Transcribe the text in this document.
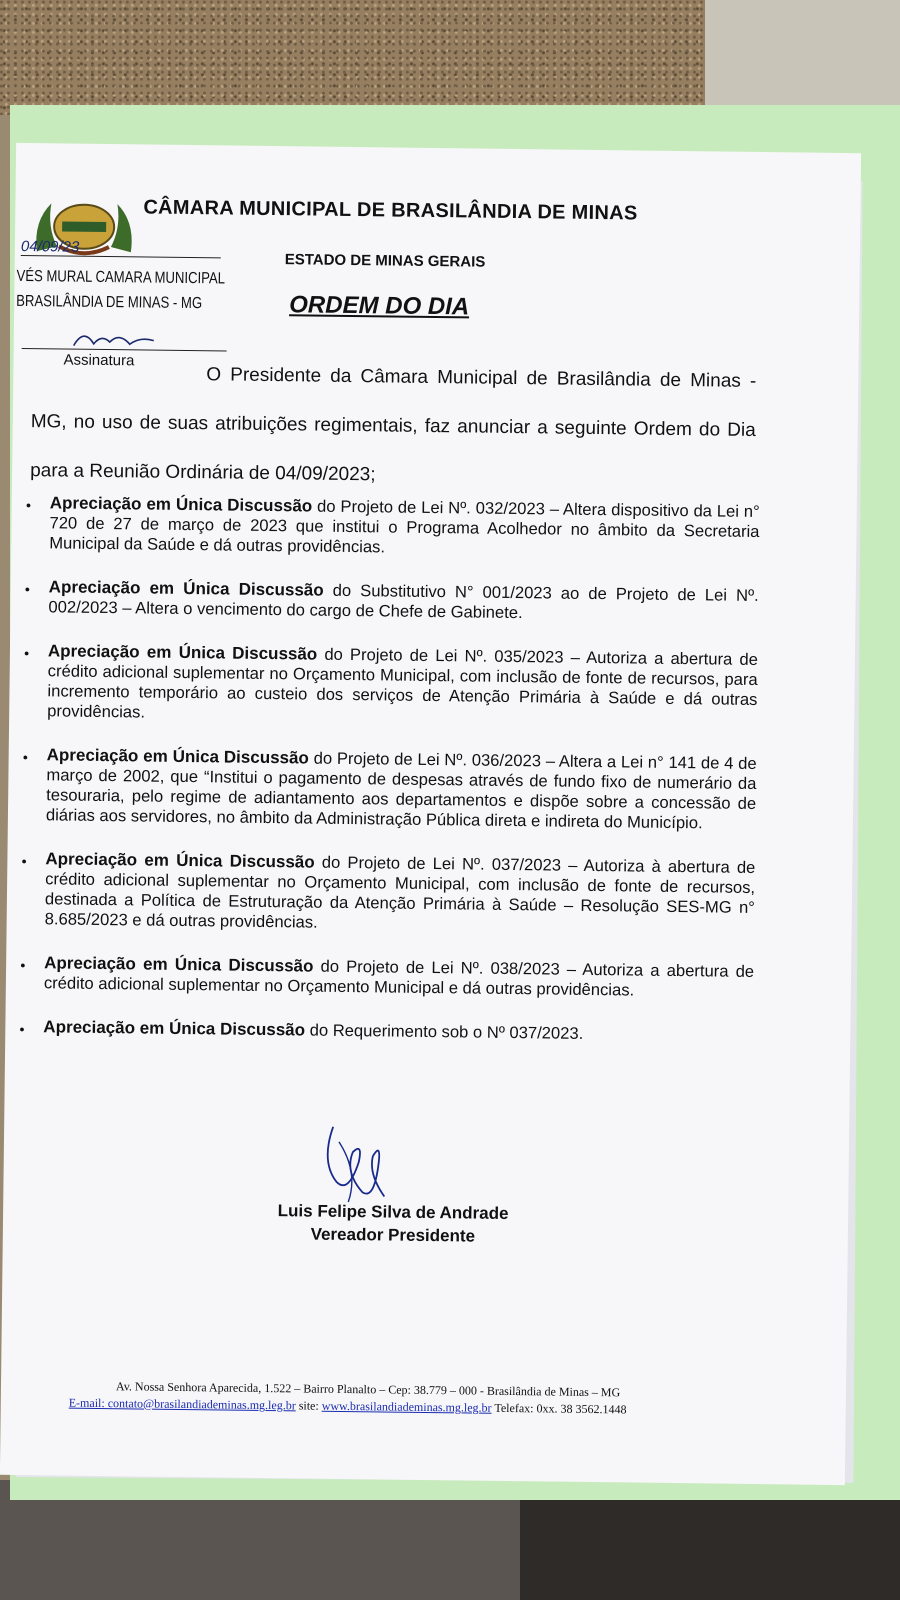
CÂMARA MUNICIPAL DE BRASILÂNDIA DE MINAS
ESTADO DE MINAS GERAIS
ORDEM DO DIA
04/09/23
VÉS MURAL CAMARA MUNICIPAL
BRASILÂNDIA DE MINAS - MG
Assinatura

O Presidente da Câmara Municipal de Brasilândia de Minas - MG, no uso de suas atribuições regimentais, faz anunciar a seguinte Ordem do Dia para a Reunião Ordinária de 04/09/2023;

● Apreciação em Única Discussão do Projeto de Lei Nº. 032/2023 – Altera dispositivo da Lei n° 720 de 27 de março de 2023 que institui o Programa Acolhedor no âmbito da Secretaria Municipal da Saúde e dá outras providências.
● Apreciação em Única Discussão do Substitutivo N° 001/2023 ao de Projeto de Lei Nº. 002/2023 – Altera o vencimento do cargo de Chefe de Gabinete.
● Apreciação em Única Discussão do Projeto de Lei Nº. 035/2023 – Autoriza a abertura de crédito adicional suplementar no Orçamento Municipal, com inclusão de fonte de recursos, para incremento temporário ao custeio dos serviços de Atenção Primária à Saúde e dá outras providências.
● Apreciação em Única Discussão do Projeto de Lei Nº. 036/2023 – Altera a Lei n° 141 de 4 de março de 2002, que “Institui o pagamento de despesas através de fundo fixo de numerário da tesouraria, pelo regime de adiantamento aos departamentos e dispõe sobre a concessão de diárias aos servidores, no âmbito da Administração Pública direta e indireta do Município.
● Apreciação em Única Discussão do Projeto de Lei Nº. 037/2023 – Autoriza à abertura de crédito adicional suplementar no Orçamento Municipal, com inclusão de fonte de recursos, destinada a Política de Estruturação da Atenção Primária à Saúde – Resolução SES-MG n° 8.685/2023 e dá outras providências.
● Apreciação em Única Discussão do Projeto de Lei Nº. 038/2023 – Autoriza a abertura de crédito adicional suplementar no Orçamento Municipal e dá outras providências.
● Apreciação em Única Discussão do Requerimento sob o Nº 037/2023.
Luis Felipe Silva de Andrade
Vereador Presidente
Av. Nossa Senhora Aparecida, 1.522 – Bairro Planalto – Cep: 38.779 – 000 - Brasilândia de Minas – MG
E-mail: contato@brasilandiademinas.mg.leg.br site: www.brasilandiademinas.mg.leg.br Telefax: 0xx. 38 3562.1448
